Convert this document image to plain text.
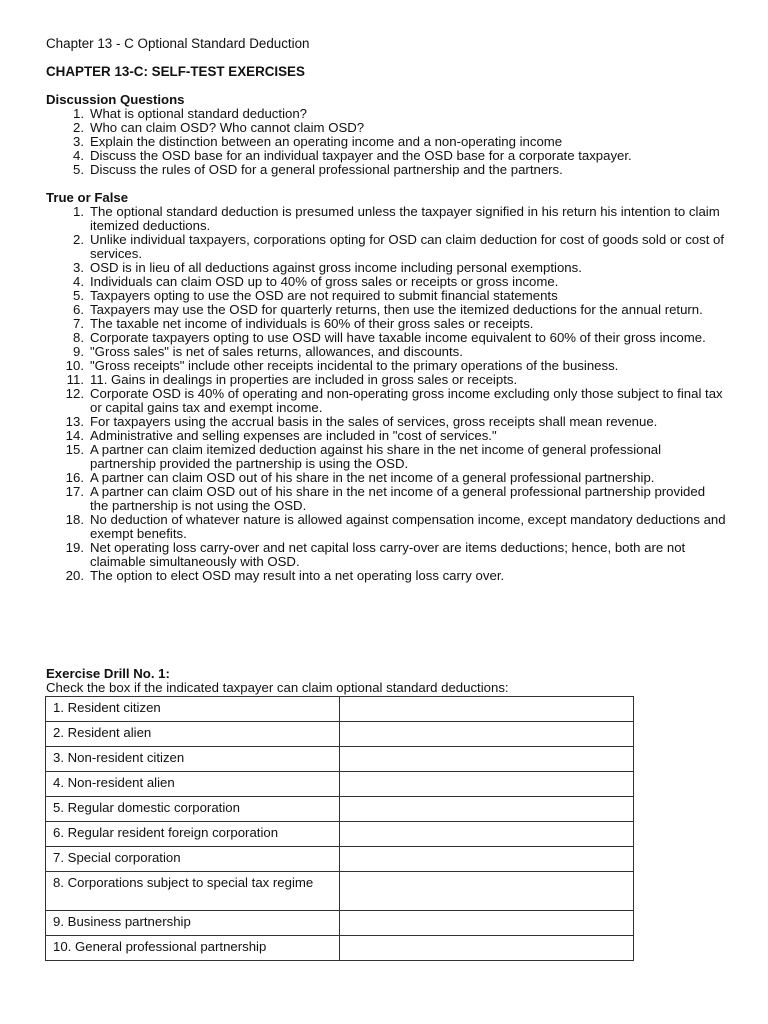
Chapter 13 - C Optional Standard Deduction
CHAPTER 13-C: SELF-TEST EXERCISES
Discussion Questions
1. What is optional standard deduction?
2. Who can claim OSD? Who cannot claim OSD?
3. Explain the distinction between an operating income and a non-operating income
4. Discuss the OSD base for an individual taxpayer and the OSD base for a corporate taxpayer.
5. Discuss the rules of OSD for a general professional partnership and the partners.
True or False
1. The optional standard deduction is presumed unless the taxpayer signified in his return his intention to claim itemized deductions.
2. Unlike individual taxpayers, corporations opting for OSD can claim deduction for cost of goods sold or cost of services.
3. OSD is in lieu of all deductions against gross income including personal exemptions.
4. Individuals can claim OSD up to 40% of gross sales or receipts or gross income.
5. Taxpayers opting to use the OSD are not required to submit financial statements
6. Taxpayers may use the OSD for quarterly returns, then use the itemized deductions for the annual return.
7. The taxable net income of individuals is 60% of their gross sales or receipts.
8. Corporate taxpayers opting to use OSD will have taxable income equivalent to 60% of their gross income.
9. "Gross sales" is net of sales returns, allowances, and discounts.
10. "Gross receipts" include other receipts incidental to the primary operations of the business.
11. 11. Gains in dealings in properties are included in gross sales or receipts.
12. Corporate OSD is 40% of operating and non-operating gross income excluding only those subject to final tax or capital gains tax and exempt income.
13. For taxpayers using the accrual basis in the sales of services, gross receipts shall mean revenue.
14. Administrative and selling expenses are included in "cost of services."
15. A partner can claim itemized deduction against his share in the net income of general professional partnership provided the partnership is using the OSD.
16. A partner can claim OSD out of his share in the net income of a general professional partnership.
17. A partner can claim OSD out of his share in the net income of a general professional partnership provided the partnership is not using the OSD.
18. No deduction of whatever nature is allowed against compensation income, except mandatory deductions and exempt benefits.
19. Net operating loss carry-over and net capital loss carry-over are items deductions; hence, both are not claimable simultaneously with OSD.
20. The option to elect OSD may result into a net operating loss carry over.
Exercise Drill No. 1:
Check the box if the indicated taxpayer can claim optional standard deductions:
1. Resident citizen	
2. Resident alien	
3. Non-resident citizen	
4. Non-resident alien	
5. Regular domestic corporation	
6. Regular resident foreign corporation	
7. Special corporation	
8. Corporations subject to special tax regime	
9. Business partnership	
10. General professional partnership	
